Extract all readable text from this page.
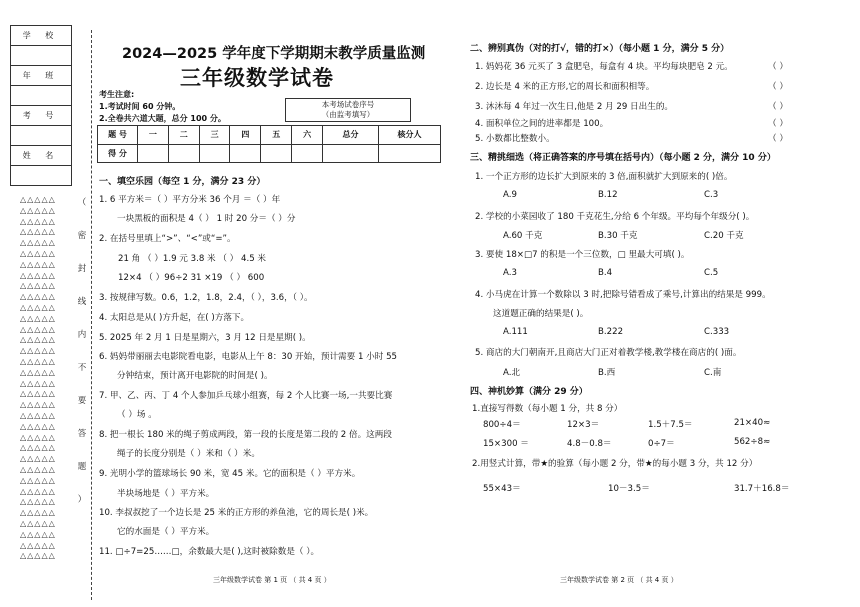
学 校

年 班

考 号

姓 名

△△△△△
△△△△△
△△△△△
△△△△△
△△△△△
△△△△△
△△△△△
△△△△△
△△△△△
△△△△△
△△△△△
△△△△△
△△△△△
△△△△△
△△△△△
△△△△△
△△△△△
△△△△△
△△△△△
△△△△△
△△△△△
△△△△△
△△△△△
△△△△△
△△△△△
△△△△△
△△△△△
△△△△△
△△△△△
△△△△△
△△△△△
△△△△△
△△△△△
△△△△△
（

密

封

线

内

不

要

答

题

）
2024—2025 学年度下学期期末教学质量监测
三年级数学试卷
考生注意:
1.考试时间 60 分钟。
2.全卷共六道大题，总分 100 分。
本考场试卷序号
（由监考填写）
题 号	一	二	三	四	五	六	总分	核分人
得 分								
一、填空乐园（每空 1 分，满分 23 分）
1. 6 平方米＝（ ）平方分米 36 个月 ＝（ ）年
一块黑板的面积是 4（ ） 1 时 20 分＝（ ）分
2. 在括号里填上“>”、“<”或“=”。
21 角 （ ）1.9 元 3.8 米 （ ） 4.5 米
12×4 （ ）96÷2 31 ×19 （ ） 600
3. 按规律写数。0.6，1.2，1.8，2.4，（ ），3.6，（ ）。
4. 太阳总是从( )方升起，在( )方落下。
5. 2025 年 2 月 1 日是星期六，3 月 12 日是星期( )。
6. 妈妈带丽丽去电影院看电影，电影从上午 8：30 开始，预计需要 1 小时 55
分钟结束，预计离开电影院的时间是( )。
7. 甲、乙、丙、丁 4 个人参加乒乓球小组赛，每 2 个人比赛一场,一共要比赛
（ ）场 。
8. 把一根长 180 米的绳子剪成两段，第一段的长度是第二段的 2 倍。这两段
绳子的长度分别是（ ）米和（ ）米。
9. 光明小学的篮球场长 90 米，宽 45 米。它的面积是（ ）平方米。
半块场地是（ ）平方米。
10. 李叔叔挖了一个边长是 25 米的正方形的养鱼池，它的周长是( )米。
它的水面是（ ）平方米。
11. □÷7=25……□，余数最大是( ),这时被除数是（ ）。
三年级数学试卷 第 1 页 （ 共 4 页 ）
二、辨别真伪（对的打√，错的打×）（每小题 1 分，满分 5 分）
1. 妈妈花 36 元买了 3 盒肥皂，每盒有 4 块。平均每块肥皂 2 元。	（ ）
2. 边长是 4 米的正方形,它的周长和面积相等。	（ ）
3. 沐沐每 4 年过一次生日,他是 2 月 29 日出生的。	（ ）
4. 面积单位之间的进率都是 100。	（ ）
5. 小数都比整数小。	（ ）
三、精挑细选（将正确答案的序号填在括号内）（每小题 2 分，满分 10 分）
1. 一个正方形的边长扩大到原来的 3 倍,面积就扩大到原来的( )倍。
A.9	B.12	C.3
2. 学校的小菜园收了 180 千克花生,分给 6 个年级。平均每个年级分( )。
A.60 千克	B.30 千克	C.20 千克
3. 要使 18×□7 的积是一个三位数，□ 里最大可填( )。
A.3	B.4	C.5
4. 小马虎在计算一个数除以 3 时,把除号错看成了乘号,计算出的结果是 999。
这道题正确的结果是( )。
A.111	B.222	C.333
5. 商店的大门朝南开,且商店大门正对着教学楼,教学楼在商店的( )面。
A.北	B.西	C.南
四、神机妙算（满分 29 分）
1.直接写得数（每小题 1 分，共 8 分）
800÷4＝	12×3＝	1.5＋7.5＝	21×40≈
15×300 ＝	4.8－0.8＝	0÷7＝	562÷8≈
2.用竖式计算，带★的验算（每小题 2 分，带★的每小题 3 分，共 12 分）
55×43＝	10－3.5＝	31.7＋16.8＝
三年级数学试卷 第 2 页 （ 共 4 页 ）
